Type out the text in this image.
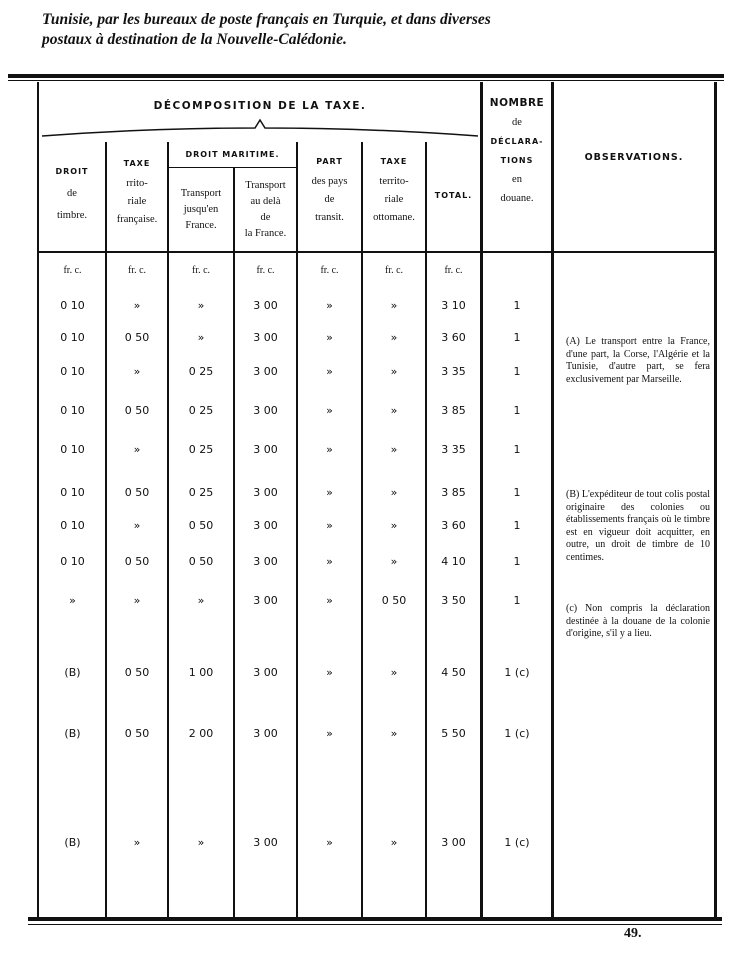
Tunisie, par les bureaux de poste français en Turquie, et dans diverses
postaux à destination de la Nouvelle-Calédonie.
DÉCOMPOSITION DE LA TAXE.
DROIT MARITIME.
DROIT
de
timbre.
TAXE
rrito-
riale
française.
Transport
jusqu'en
France.
Transport
au delà
de
la France.
PART
des pays
de
transit.
TAXE
territo-
riale
ottomane.
TOTAL.
NOMBRE
de
DÉCLARA-
TIONS
en
douane.
OBSERVATIONS.
fr. c.	fr. c.	fr. c.	fr. c.	fr. c.	fr. c.	fr. c.
0 10	»	»	3 00	»	»	3 10	1
0 10	0 50	»	3 00	»	»	3 60	1
0 10	»	0 25	3 00	»	»	3 35	1
0 10	0 50	0 25	3 00	»	»	3 85	1
0 10	»	0 25	3 00	»	»	3 35	1
0 10	0 50	0 25	3 00	»	»	3 85	1
0 10	»	0 50	3 00	»	»	3 60	1
0 10	0 50	0 50	3 00	»	»	4 10	1
»	»	»	3 00	»	0 50	3 50	1
(B)	0 50	1 00	3 00	»	»	4 50	1 (c)
(B)	0 50	2 00	3 00	»	»	5 50	1 (c)
(B)	»	»	3 00	»	»	3 00	1 (c)
(A) Le transport entre la France, d'une part, la Corse, l'Algérie et la Tunisie, d'autre part, se fera exclusivement par Marseille.
(B) L'expéditeur de tout colis postal originaire des colonies ou établissements français où le timbre est en vigueur doit acquitter, en outre, un droit de timbre de 10 centimes.
(c) Non compris la déclaration destinée à la douane de la colonie d'origine, s'il y a lieu.
49.
